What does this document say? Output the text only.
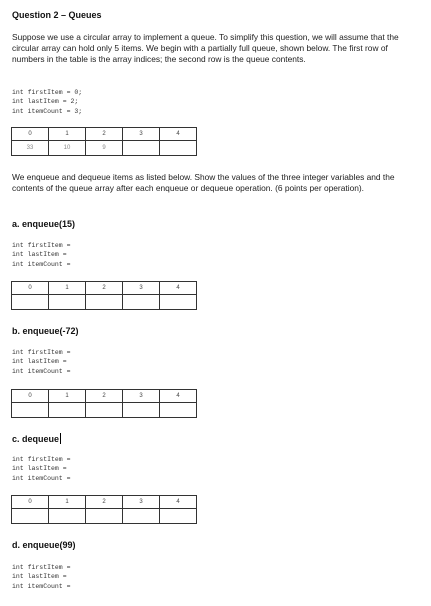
Question 2 – Queues
Suppose we use a circular array to implement a queue. To simplify this question, we will assume that the circular array can hold only 5 items. We begin with a partially full queue, shown below. The first row of numbers in the table is the array indices; the second row is the queue contents.
int firstItem = 0;
int lastItem = 2;
int itemCount = 3;
0	1	2	3	4
33	10	9		
We enqueue and dequeue items as listed below. Show the values of the three integer variables and the contents of the queue array after each enqueue or dequeue operation. (6 points per operation).
a. enqueue(15)
int firstItem =
int lastItem =
int itemCount =
0	1	2	3	4

b. enqueue(-72)
int firstItem =
int lastItem =
int itemCount =
0	1	2	3	4

c. dequeue
int firstItem =
int lastItem =
int itemCount =
0	1	2	3	4

d. enqueue(99)
int firstItem =
int lastItem =
int itemCount =
